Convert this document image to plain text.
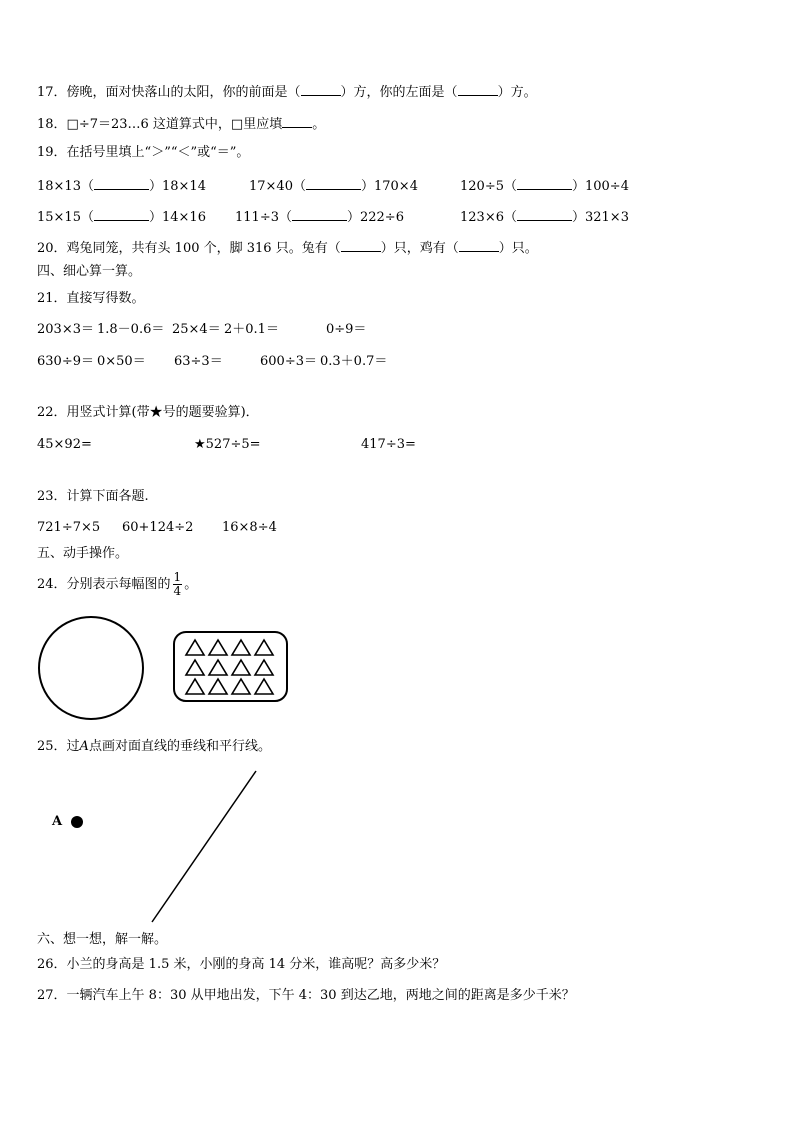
17．傍晚，面对快落山的太阳，你的前面是（	）方，你的左面是（	）方。
18．□÷7＝23…6 这道算式中，□里应填 。
19．在括号里填上“＞”“＜”或“＝”。
18×13（	）18×14	17×40（	）170×4	120÷5（	）100÷4
15×15（	）14×16 111÷3（	）222÷6	123×6（	）321×3
20．鸡兔同笼，共有头 100 个，脚 316 只。兔有（	）只，鸡有（	）只。
四、细心算一算。
21．直接写得数。
203×3＝ 1.8－0.6＝ 25×4＝ 2＋0.1＝	0÷9＝
630÷9＝ 0×50＝ 63÷3＝	600÷3＝ 0.3＋0.7＝
22．用竖式计算(带★号的题要验算)．
45×92=	★527÷5=	417÷3=
23．计算下面各题.
721÷7×5 60+124÷2 16×8÷4
五、动手操作。
24．分别表示每幅图的 $\frac{1}{4}$ 。
25．过A点画对面直线的垂线和平行线。
A
六、想一想，解一解。
26．小兰的身高是 1.5 米，小刚的身高 14 分米，谁高呢？高多少米？
27．一辆汽车上午 8：30 从甲地出发，下午 4：30 到达乙地，两地之间的距离是多少千米？
